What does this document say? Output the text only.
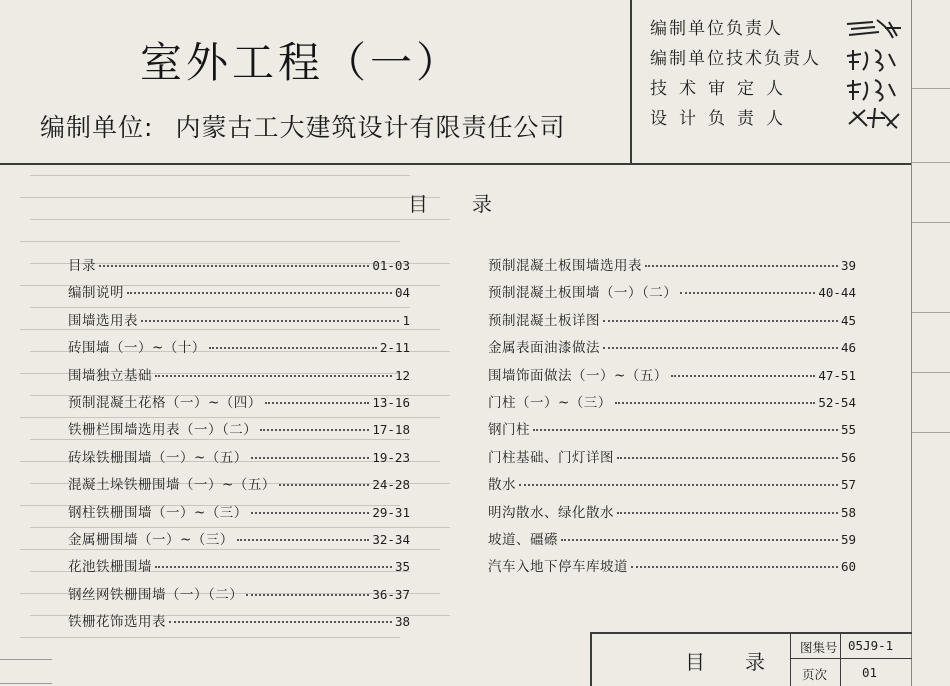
室外工程（一）
编制单位: 内蒙古工大建筑设计有限责任公司
编制单位负责人
编制单位技术负责人
技术审定人
设计负责人
目录
目录	01-03
编制说明	04
围墙选用表	1
砖围墙（一）~（十）	2-11
围墙独立基础	12
预制混凝土花格（一）~（四）	13-16
铁栅栏围墙选用表（一）（二）	17-18
砖垛铁栅围墙（一）~（五）	19-23
混凝土垛铁栅围墙（一）~（五）	24-28
钢柱铁栅围墙（一）~（三）	29-31
金属栅围墙（一）~（三）	32-34
花池铁栅围墙	35
钢丝网铁栅围墙（一）（二）	36-37
铁栅花饰选用表	38
预制混凝土板围墙选用表	39
预制混凝土板围墙（一）（二）	40-44
预制混凝土板详图	45
金属表面油漆做法	46
围墙饰面做法（一）~（五）	47-51
门柱（一）~（三）	52-54
钢门柱	55
门柱基础、门灯详图	56
散水	57
明沟散水、绿化散水	58
坡道、礓礤	59
汽车入地下停车库坡道	60
目录
图集号 05J9-1
页次	01
